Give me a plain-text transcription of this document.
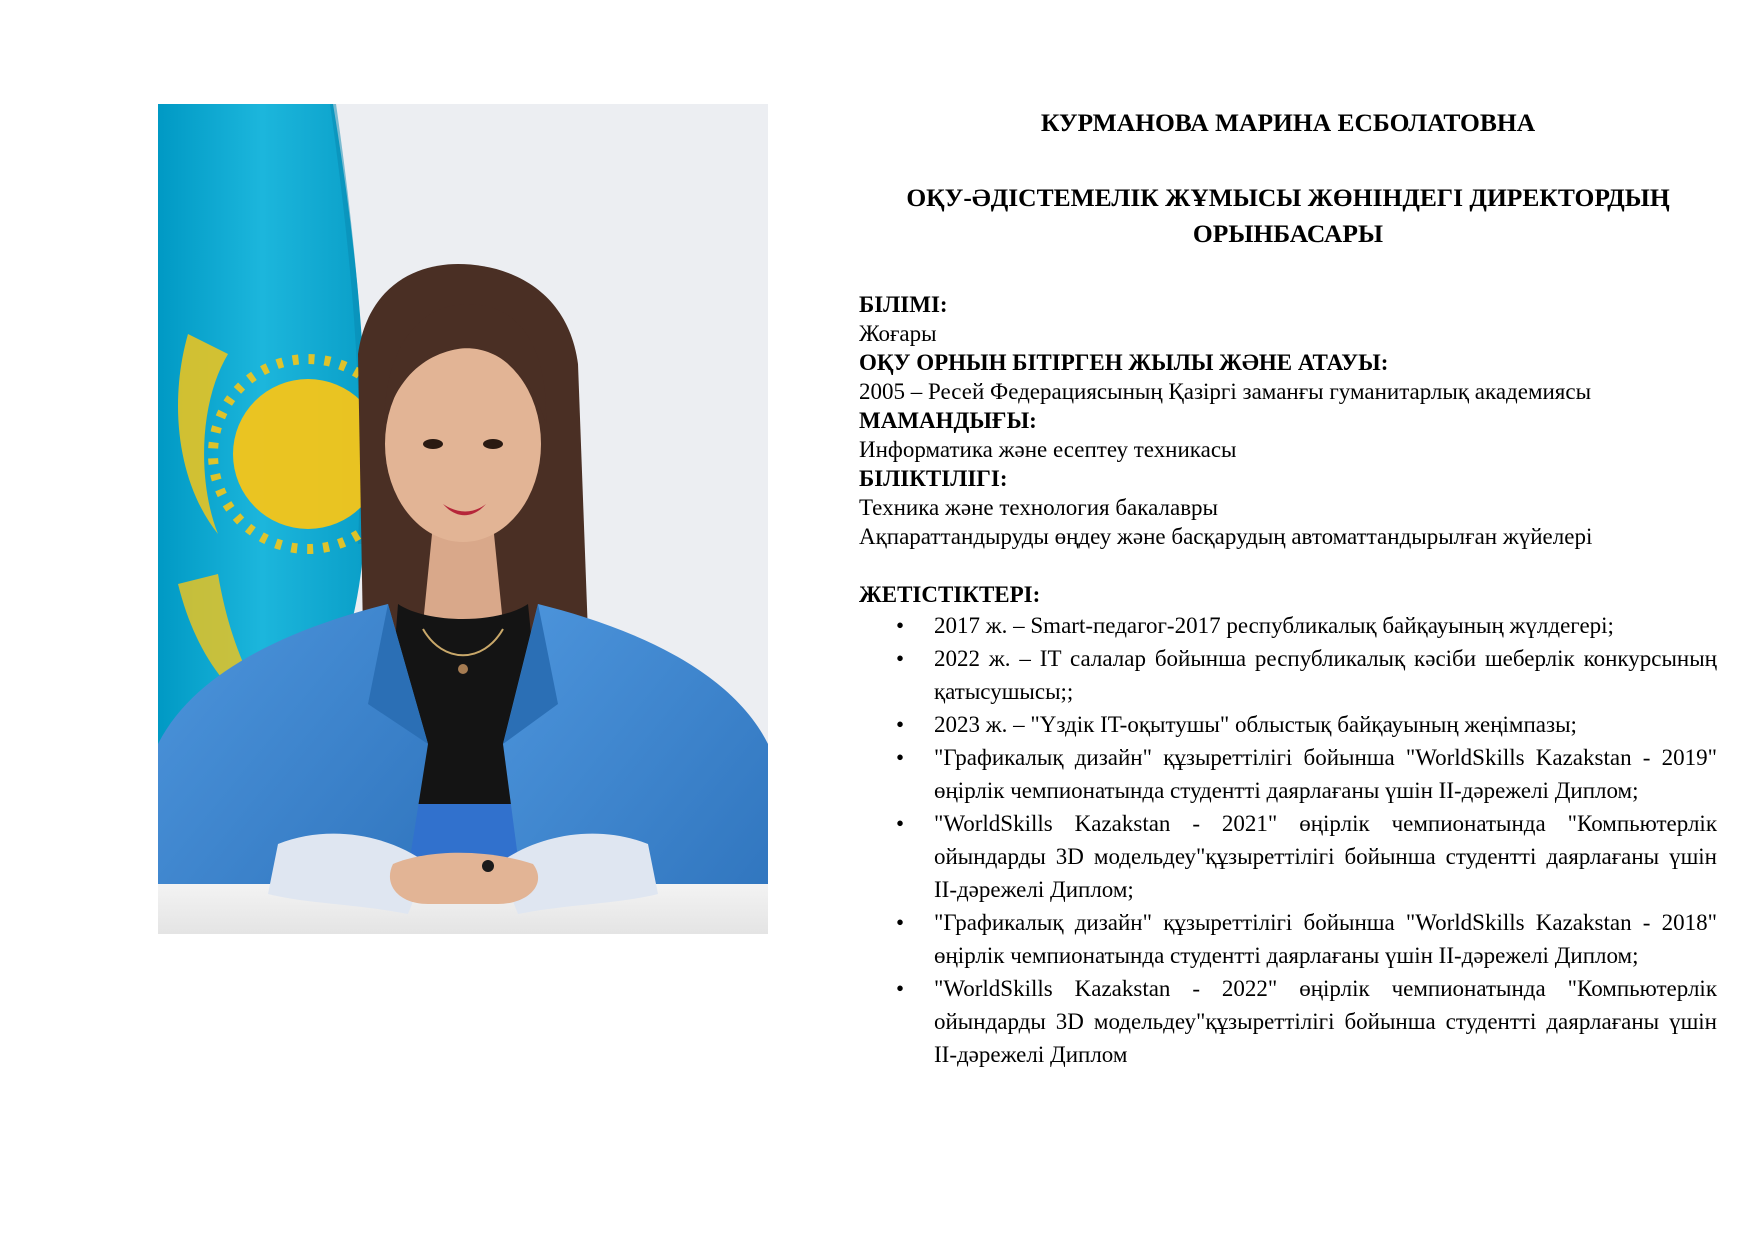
КУРМАНОВА МАРИНА ЕСБОЛАТОВНА

ОҚУ-ӘДІСТЕМЕЛІК ЖҰМЫСЫ ЖӨНІНДЕГІ ДИРЕКТОРДЫҢ ОРЫНБАСАРЫ

БІЛІМІ:
Жоғары
ОҚУ ОРНЫН БІТІРГЕН ЖЫЛЫ ЖӘНЕ АТАУЫ:
2005 – Ресей Федерациясының Қазіргі заманғы гуманитарлық академиясы
МАМАНДЫҒЫ:
Информатика және есептеу техникасы
БІЛІКТІЛІГІ:
Техника және технология бакалавры
Ақпараттандыруды өңдеу және басқарудың автоматтандырылған жүйелері
ЖЕТІСТІКТЕРІ:
• 2017 ж. – Smart-педагог-2017 республикалық байқауының жүлдегері;
• 2022 ж. – IT салалар бойынша республикалық кәсіби шеберлік конкурсының қатысушысы;;
• 2023 ж. – "Үздік IT-оқытушы" облыстық байқауының жеңімпазы;
• "Графикалық дизайн" құзыреттілігі бойынша "WorldSkills Kazakstan - 2019" өңірлік чемпионатында студентті даярлағаны үшін ІІ-дәрежелі Диплом;
• "WorldSkills Kazakstan - 2021" өңірлік чемпионатында "Компьютерлік ойындарды 3D модельдеу"құзыреттілігі бойынша студентті даярлағаны үшін ІІ-дәрежелі Диплом;
• "Графикалық дизайн" құзыреттілігі бойынша "WorldSkills Kazakstan - 2018" өңірлік чемпионатында студентті даярлағаны үшін ІІ-дәрежелі Диплом;
• "WorldSkills Kazakstan - 2022" өңірлік чемпионатында "Компьютерлік ойындарды 3D модельдеу"құзыреттілігі бойынша студентті даярлағаны үшін ІІ-дәрежелі Диплом
